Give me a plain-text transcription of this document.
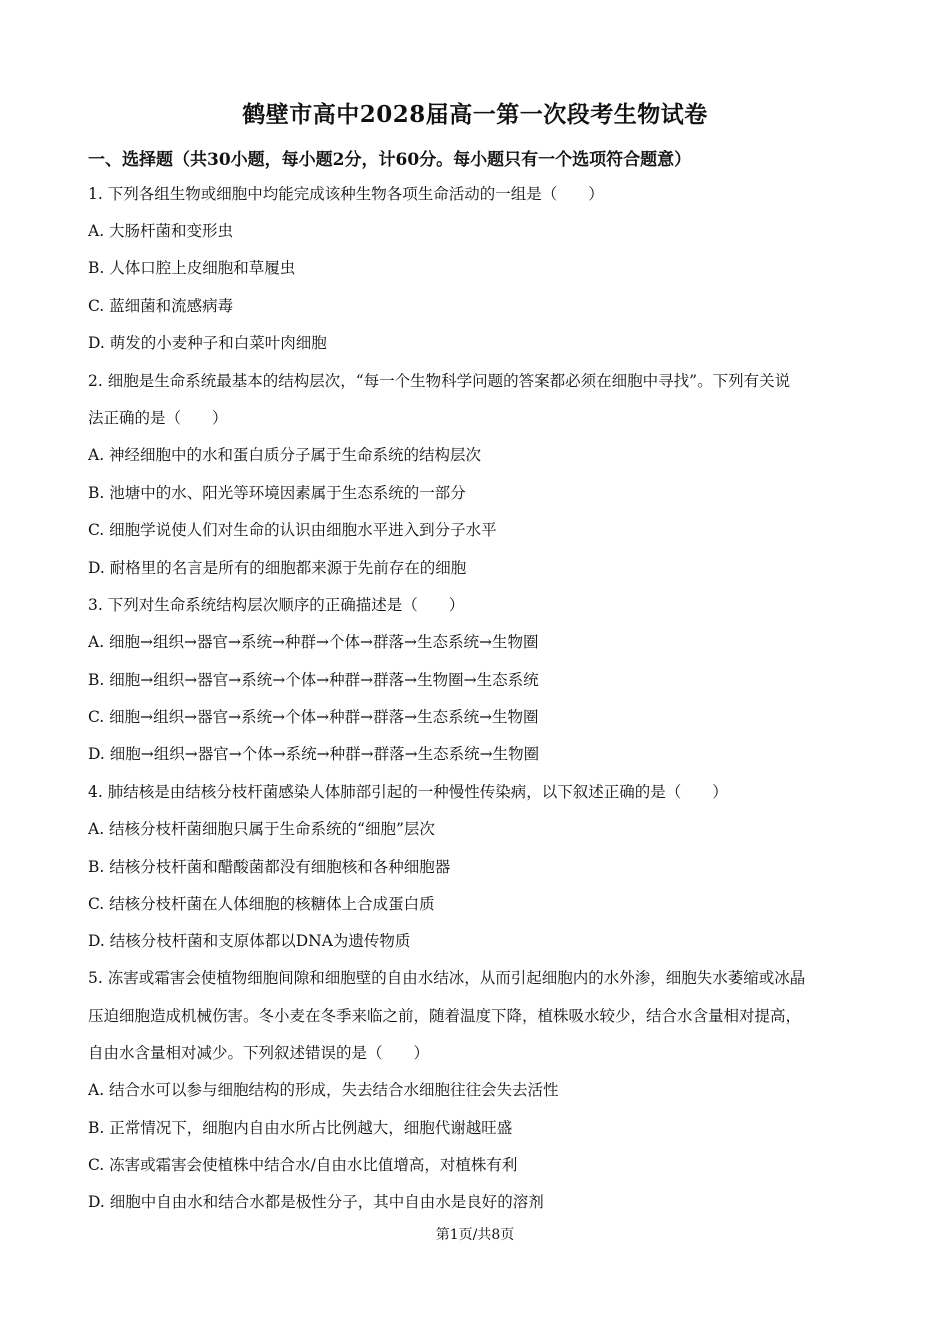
鹤壁市高中2028届高一第一次段考生物试卷
一、选择题（共30小题，每小题2分，计60分。每小题只有一个选项符合题意）
1. 下列各组生物或细胞中均能完成该种生物各项生命活动的一组是（　　）
A. 大肠杆菌和变形虫
B. 人体口腔上皮细胞和草履虫
C. 蓝细菌和流感病毒
D. 萌发的小麦种子和白菜叶肉细胞
2. 细胞是生命系统最基本的结构层次，“每一个生物科学问题的答案都必须在细胞中寻找”。下列有关说
法正确的是（　　）
A. 神经细胞中的水和蛋白质分子属于生命系统的结构层次
B. 池塘中的水、阳光等环境因素属于生态系统的一部分
C. 细胞学说使人们对生命的认识由细胞水平进入到分子水平
D. 耐格里的名言是所有的细胞都来源于先前存在的细胞
3. 下列对生命系统结构层次顺序的正确描述是（　　）
A. 细胞→组织→器官→系统→种群→个体→群落→生态系统→生物圈
B. 细胞→组织→器官→系统→个体→种群→群落→生物圈→生态系统
C. 细胞→组织→器官→系统→个体→种群→群落→生态系统→生物圈
D. 细胞→组织→器官→个体→系统→种群→群落→生态系统→生物圈
4. 肺结核是由结核分枝杆菌感染人体肺部引起的一种慢性传染病，以下叙述正确的是（　　）
A. 结核分枝杆菌细胞只属于生命系统的“细胞”层次
B. 结核分枝杆菌和醋酸菌都没有细胞核和各种细胞器
C. 结核分枝杆菌在人体细胞的核糖体上合成蛋白质
D. 结核分枝杆菌和支原体都以DNA为遗传物质
5. 冻害或霜害会使植物细胞间隙和细胞壁的自由水结冰，从而引起细胞内的水外渗，细胞失水萎缩或冰晶
压迫细胞造成机械伤害。冬小麦在冬季来临之前，随着温度下降，植株吸水较少，结合水含量相对提高，
自由水含量相对减少。下列叙述错误的是（　　）
A. 结合水可以参与细胞结构的形成，失去结合水细胞往往会失去活性
B. 正常情况下，细胞内自由水所占比例越大，细胞代谢越旺盛
C. 冻害或霜害会使植株中结合水/自由水比值增高，对植株有利
D. 细胞中自由水和结合水都是极性分子，其中自由水是良好的溶剂
第1页/共8页
